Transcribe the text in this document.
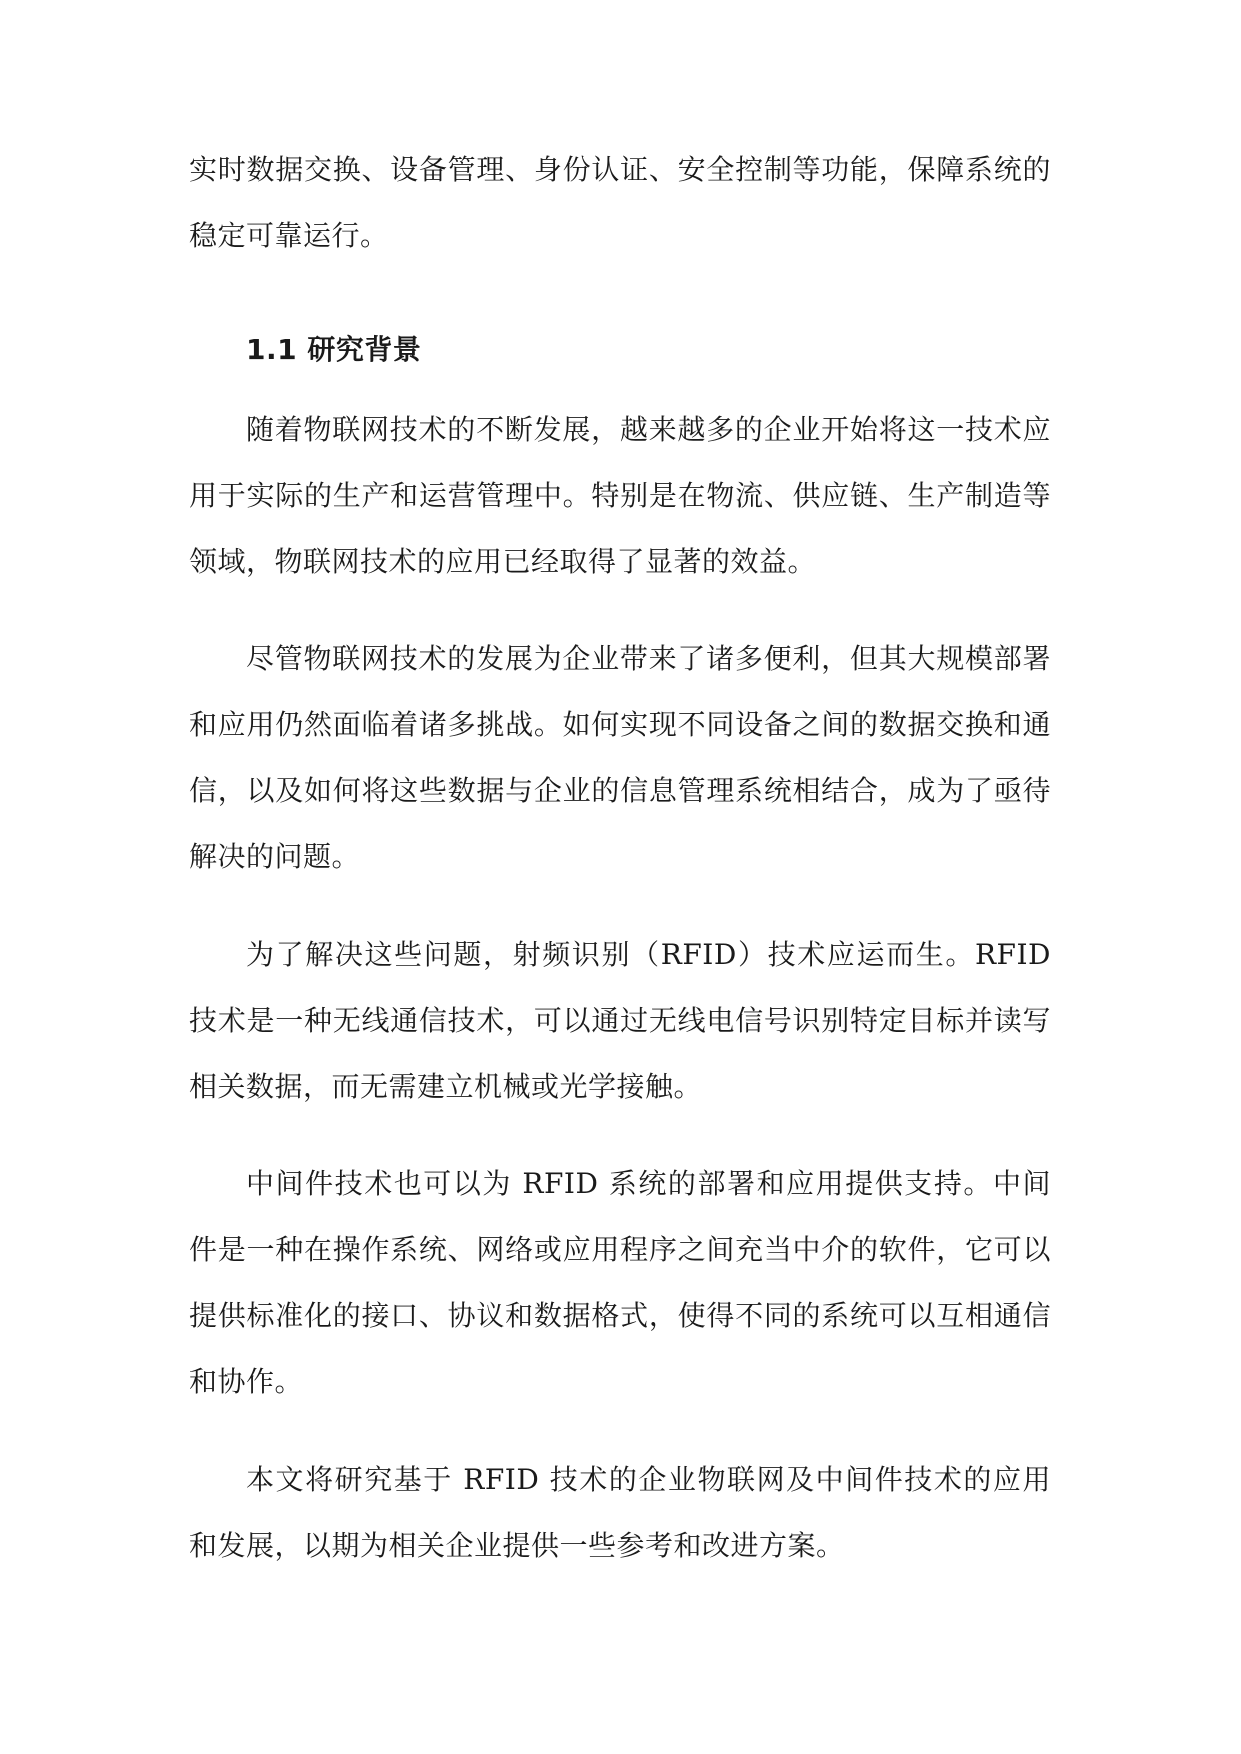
实时数据交换、设备管理、身份认证、安全控制等功能，保障系统的稳定可靠运行。

1.1 研究背景

随着物联网技术的不断发展，越来越多的企业开始将这一技术应用于实际的生产和运营管理中。特别是在物流、供应链、生产制造等领域，物联网技术的应用已经取得了显著的效益。

尽管物联网技术的发展为企业带来了诸多便利，但其大规模部署和应用仍然面临着诸多挑战。如何实现不同设备之间的数据交换和通信，以及如何将这些数据与企业的信息管理系统相结合，成为了亟待解决的问题。

为了解决这些问题，射频识别（RFID）技术应运而生。RFID 技术是一种无线通信技术，可以通过无线电信号识别特定目标并读写相关数据，而无需建立机械或光学接触。

中间件技术也可以为 RFID 系统的部署和应用提供支持。中间件是一种在操作系统、网络或应用程序之间充当中介的软件，它可以提供标准化的接口、协议和数据格式，使得不同的系统可以互相通信和协作。

本文将研究基于 RFID 技术的企业物联网及中间件技术的应用和发展，以期为相关企业提供一些参考和改进方案。
